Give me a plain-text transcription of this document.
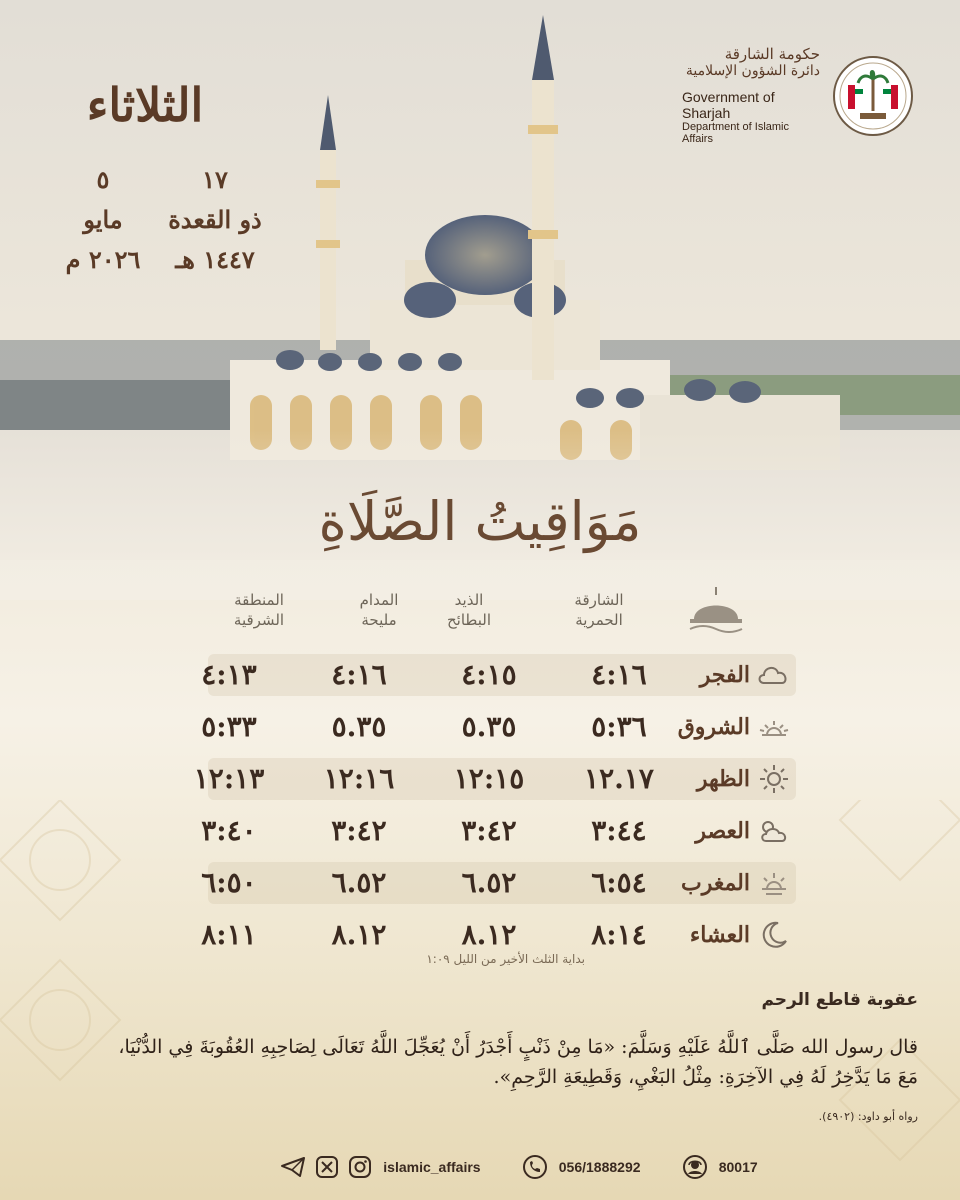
الثلاثاء
١٧
ذو القعدة
١٤٤٧ هـ
٥
مايو
٢٠٢٦ م
حكومة الشارقة
دائرة الشؤون الإسلامية
Government of Sharjah
Department of Islamic Affairs
مَوَاقِيتُ الصَّلَاةِ
الشارقة
الحمرية
الذيد
البطائح
المدام
مليحة
المنطقة
الشرقية
الفجر
٤:١٦
٤:١٥
٤:١٦
٤:١٣
الشروق
٥:٣٦
٥.٣٥
٥.٣٥
٥:٣٣
الظهر
١٢.١٧
١٢:١٥
١٢:١٦
١٢:١٣
العصر
٣:٤٤
٣:٤٢
٣:٤٢
٣:٤٠
المغرب
٦:٥٤
٦.٥٢
٦.٥٢
٦:٥٠
العشاء
٨:١٤
٨.١٢
٨.١٢
٨:١١
بداية الثلث الأخير من الليل ١:٠٩
عقوبة قاطع الرحم
قال رسول الله صَلَّى ٱللَّهُ عَلَيْهِ وَسَلَّمَ: «مَا مِنْ ذَنْبٍ أَجْدَرُ أَنْ يُعَجِّلَ اللَّهُ تَعَالَى لِصَاحِبِهِ العُقُوبَةَ فِي الدُّنْيَا، مَعَ مَا يَدَّخِرُ لَهُ فِي الآخِرَةِ: مِثْلُ البَغْيِ، وَقَطِيعَةِ الرَّحِمِ».
رواه أبو داود: (٤٩٠٢).
islamic_affairs	056/1888292	80017
